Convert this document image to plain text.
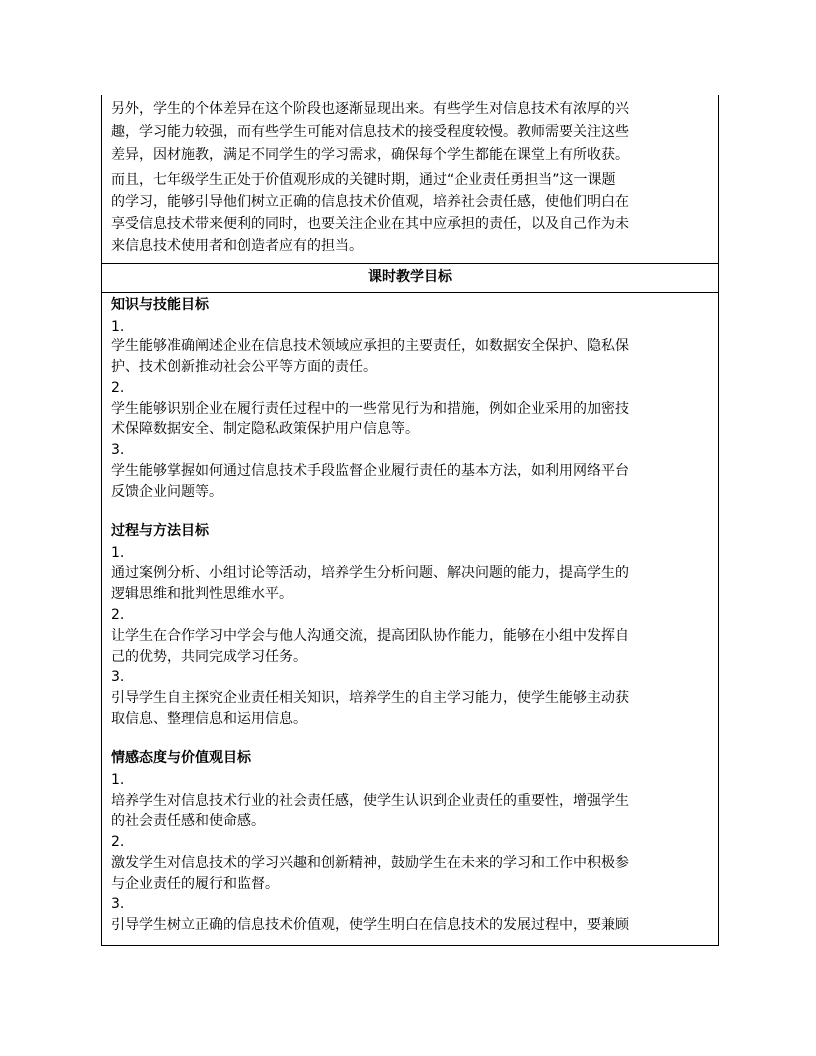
另外，学生的个体差异在这个阶段也逐渐显现出来。有些学生对信息技术有浓厚的兴

趣，学习能力较强，而有些学生可能对信息技术的接受程度较慢。教师需要关注这些

差异，因材施教，满足不同学生的学习需求，确保每个学生都能在课堂上有所收获。

而且，七年级学生正处于价值观形成的关键时期，通过“企业责任勇担当”这一课题

的学习，能够引导他们树立正确的信息技术价值观，培养社会责任感，使他们明白在

享受信息技术带来便利的同时，也要关注企业在其中应承担的责任，以及自己作为未

来信息技术使用者和创造者应有的担当。

课时教学目标

知识与技能目标

1.

学生能够准确阐述企业在信息技术领域应承担的主要责任，如数据安全保护、隐私保

护、技术创新推动社会公平等方面的责任。

2.

学生能够识别企业在履行责任过程中的一些常见行为和措施，例如企业采用的加密技

术保障数据安全、制定隐私政策保护用户信息等。

3.

学生能够掌握如何通过信息技术手段监督企业履行责任的基本方法，如利用网络平台

反馈企业问题等。

过程与方法目标

1.

通过案例分析、小组讨论等活动，培养学生分析问题、解决问题的能力，提高学生的

逻辑思维和批判性思维水平。

2.

让学生在合作学习中学会与他人沟通交流，提高团队协作能力，能够在小组中发挥自

己的优势，共同完成学习任务。

3.

引导学生自主探究企业责任相关知识，培养学生的自主学习能力，使学生能够主动获

取信息、整理信息和运用信息。

情感态度与价值观目标

1.

培养学生对信息技术行业的社会责任感，使学生认识到企业责任的重要性，增强学生

的社会责任感和使命感。

2.

激发学生对信息技术的学习兴趣和创新精神，鼓励学生在未来的学习和工作中积极参

与企业责任的履行和监督。

3.

引导学生树立正确的信息技术价值观，使学生明白在信息技术的发展过程中，要兼顾
